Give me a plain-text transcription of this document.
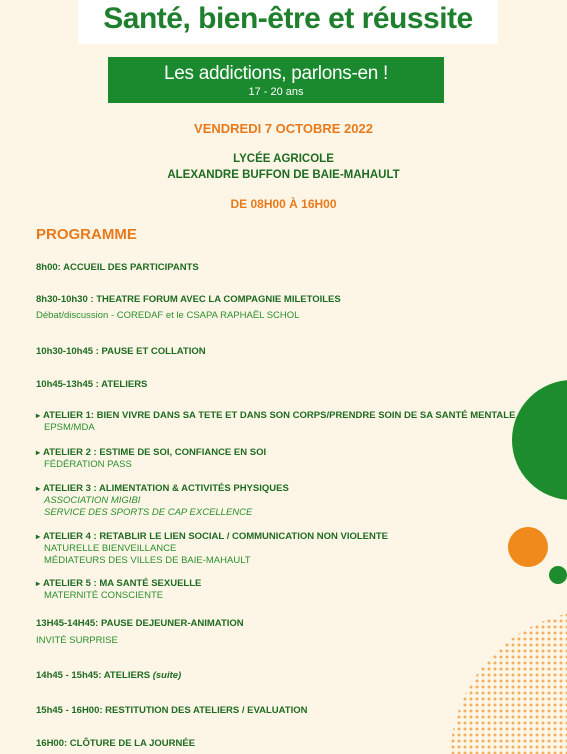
Santé, bien-être et réussite
Les addictions, parlons-en !
17 - 20 ans
VENDREDI 7 OCTOBRE 2022
LYCÉE AGRICOLE
ALEXANDRE BUFFON DE BAIE-MAHAULT
DE 08H00 À 16H00
PROGRAMME
8h00: ACCUEIL DES PARTICIPANTS
8h30-10h30 : THEATRE FORUM AVEC LA COMPAGNIE MILETOILES
Débat/discussion - COREDAF et le CSAPA RAPHAËL SCHOL
10h30-10h45 : PAUSE ET COLLATION
10h45-13h45 : ATELIERS
▸ ATELIER 1: BIEN VIVRE DANS SA TETE ET DANS SON CORPS/PRENDRE SOIN DE SA SANTÉ MENTALE
EPSM/MDA
▸ ATELIER 2 : ESTIME DE SOI, CONFIANCE EN SOI
FÉDÉRATION PASS
▸ ATELIER 3 : ALIMENTATION & ACTIVITÉS PHYSIQUES
ASSOCIATION MIGIBI
SERVICE DES SPORTS DE CAP EXCELLENCE
▸ ATELIER 4 : RETABLIR LE LIEN SOCIAL / COMMUNICATION NON VIOLENTE
NATURELLE BIENVEILLANCE
MÉDIATEURS DES VILLES DE BAIE-MAHAULT
▸ ATELIER 5 : MA SANTÉ SEXUELLE
MATERNITÉ CONSCIENTE
13H45-14H45: PAUSE DEJEUNER-ANIMATION
INVITÉ SURPRISE
14h45 - 15h45: ATELIERS (suite)
15h45 - 16H00: RESTITUTION DES ATELIERS / EVALUATION
16H00: CLÔTURE DE LA JOURNÉE
